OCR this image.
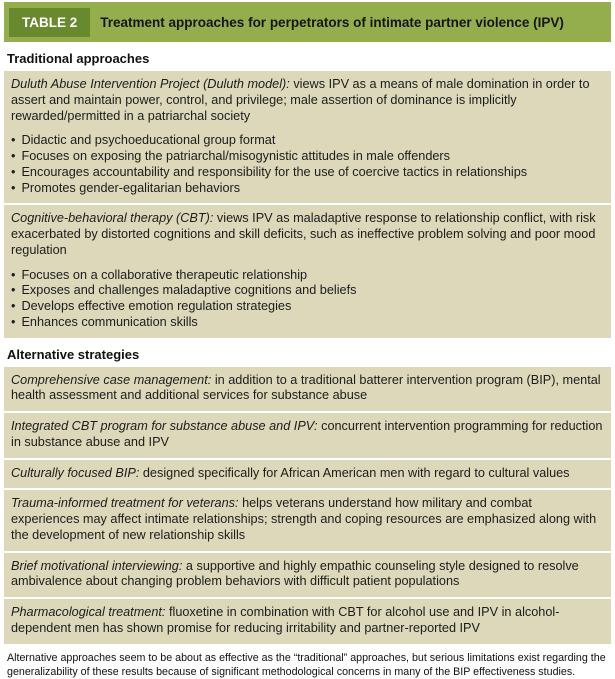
TABLE 2	Treatment approaches for perpetrators of intimate partner violence (IPV)
Traditional approaches

Duluth Abuse Intervention Project (Duluth model): views IPV as a means of male domination in order to assert and maintain power, control, and privilege; male assertion of dominance is implicitly rewarded/permitted in a patriarchal society

•
Didactic and psychoeducational group format
•
Focuses on exposing the patriarchal/misogynistic attitudes in male offenders
•
Encourages accountability and responsibility for the use of coercive tactics in relationships
•
Promotes gender-egalitarian behaviors

Cognitive-behavioral therapy (CBT): views IPV as maladaptive response to relationship conflict, with risk exacerbated by distorted cognitions and skill deficits, such as ineffective problem solving and poor mood regulation

•
Focuses on a collaborative therapeutic relationship
•
Exposes and challenges maladaptive cognitions and beliefs
•
Develops effective emotion regulation strategies
•
Enhances communication skills
Alternative strategies

Comprehensive case management: in addition to a traditional batterer intervention program (BIP), mental health assessment and additional services for substance abuse

Integrated CBT program for substance abuse and IPV: concurrent intervention programming for reduction in substance abuse and IPV

Culturally focused BIP: designed specifically for African American men with regard to cultural values

Trauma-informed treatment for veterans: helps veterans understand how military and combat experiences may affect intimate relationships; strength and coping resources are emphasized along with the development of new relationship skills

Brief motivational interviewing: a supportive and highly empathic counseling style designed to resolve ambivalence about changing problem behaviors with difficult patient populations

Pharmacological treatment: fluoxetine in combination with CBT for alcohol use and IPV in alcohol-dependent men has shown promise for reducing irritability and partner-reported IPV

Alternative approaches seem to be about as effective as the “traditional” approaches, but serious limitations exist regarding the generalizability of these results because of significant methodological concerns in many of the BIP effectiveness studies.
